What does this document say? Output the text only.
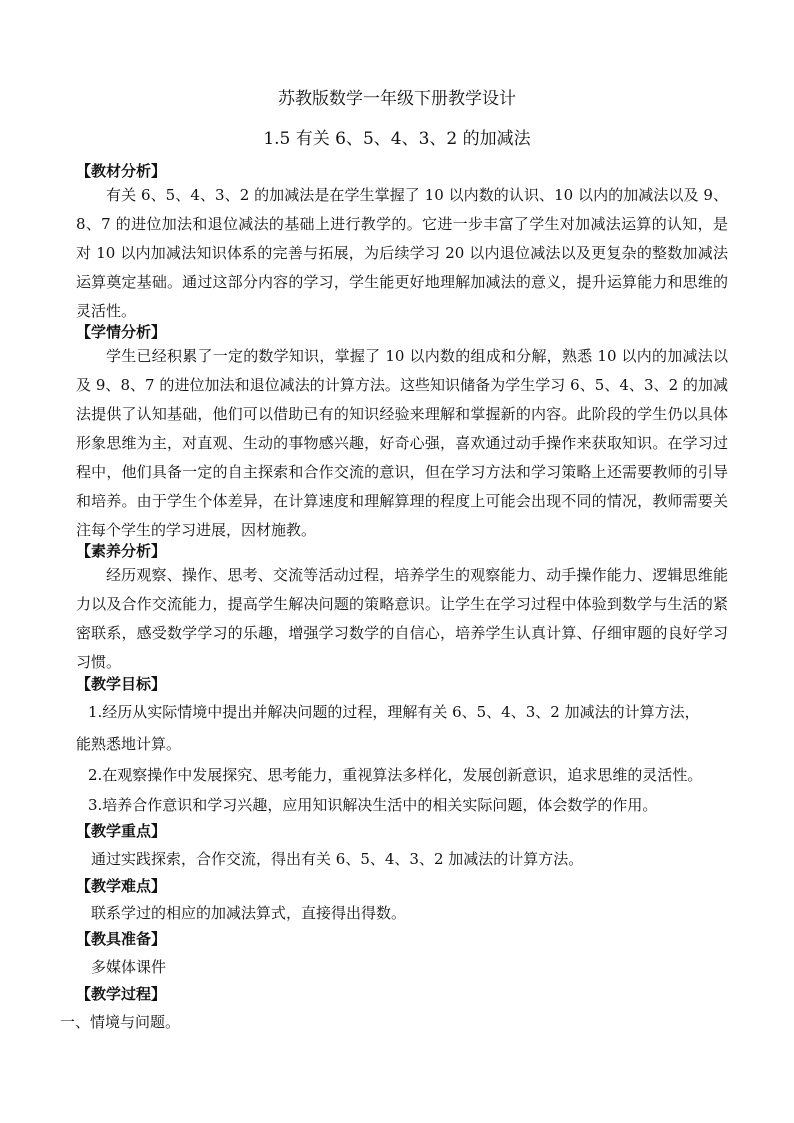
苏教版数学一年级下册教学设计
1.5 有关 6、5、4、3、2 的加减法
【教材分析】

有关 6、5、4、3、2 的加减法是在学生掌握了 10 以内数的认识、10 以内的加减法以及 9、8、7 的进位加法和退位减法的基础上进行教学的。它进一步丰富了学生对加减法运算的认知，是对 10 以内加减法知识体系的完善与拓展，为后续学习 20 以内退位减法以及更复杂的整数加减法运算奠定基础。通过这部分内容的学习，学生能更好地理解加减法的意义，提升运算能力和思维的灵活性。

【学情分析】

学生已经积累了一定的数学知识，掌握了 10 以内数的组成和分解，熟悉 10 以内的加减法以及 9、8、7 的进位加法和退位减法的计算方法。这些知识储备为学生学习 6、5、4、3、2 的加减法提供了认知基础，他们可以借助已有的知识经验来理解和掌握新的内容。此阶段的学生仍以具体形象思维为主，对直观、生动的事物感兴趣，好奇心强，喜欢通过动手操作来获取知识。在学习过程中，他们具备一定的自主探索和合作交流的意识，但在学习方法和学习策略上还需要教师的引导和培养。由于学生个体差异，在计算速度和理解算理的程度上可能会出现不同的情况，教师需要关注每个学生的学习进展，因材施教。

【素养分析】

经历观察、操作、思考、交流等活动过程，培养学生的观察能力、动手操作能力、逻辑思维能力以及合作交流能力，提高学生解决问题的策略意识。让学生在学习过程中体验到数学与生活的紧密联系，感受数学学习的乐趣，增强学习数学的自信心，培养学生认真计算、仔细审题的良好学习习惯。

【教学目标】
1.经历从实际情境中提出并解决问题的过程，理解有关 6、5、4、3、2 加减法的计算方法，
能熟悉地计算。
2.在观察操作中发展探究、思考能力，重视算法多样化，发展创新意识，追求思维的灵活性。
3.培养合作意识和学习兴趣，应用知识解决生活中的相关实际问题，体会数学的作用。
【教学重点】
通过实践探索，合作交流，得出有关 6、5、4、3、2 加减法的计算方法。
【教学难点】
联系学过的相应的加减法算式，直接得出得数。
【教具准备】
多媒体课件
【教学过程】
一、情境与问题。
